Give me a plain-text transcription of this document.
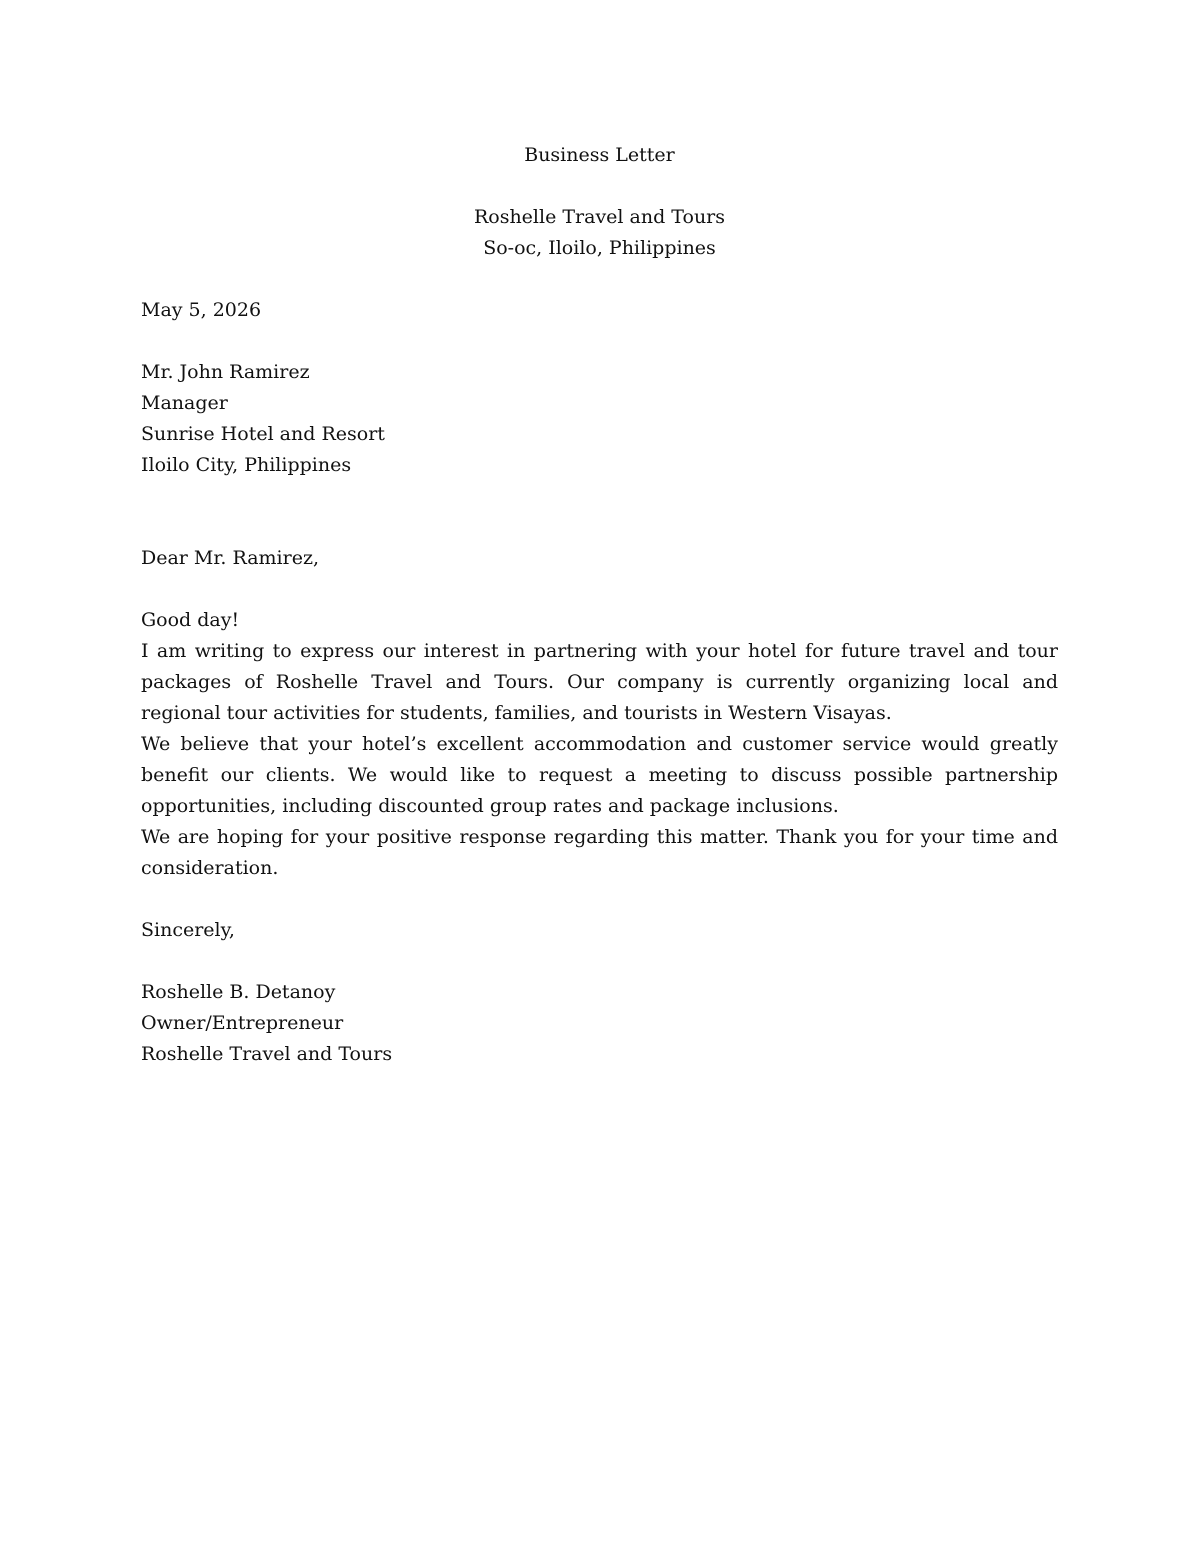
Business Letter
Roshelle Travel and Tours
So-oc, Iloilo, Philippines
May 5, 2026
Mr. John Ramirez
Manager
Sunrise Hotel and Resort
Iloilo City, Philippines
Dear Mr. Ramirez,
Good day!

I am writing to express our interest in partnering with your hotel for future travel and tour packages of Roshelle Travel and Tours. Our company is currently organizing local and regional tour activities for students, families, and tourists in Western Visayas.

We believe that your hotel’s excellent accommodation and customer service would greatly benefit our clients. We would like to request a meeting to discuss possible partnership opportunities, including discounted group rates and package inclusions.

We are hoping for your positive response regarding this matter. Thank you for your time and consideration.

Sincerely,
Roshelle B. Detanoy
Owner/Entrepreneur
Roshelle Travel and Tours
